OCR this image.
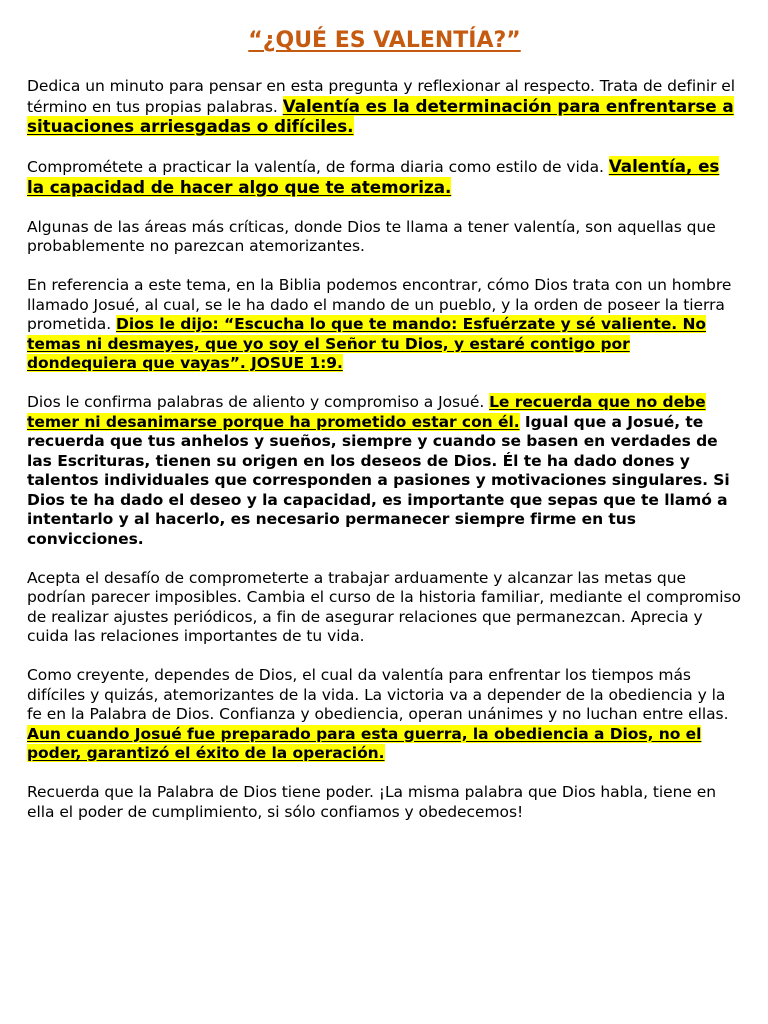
“¿QUÉ ES VALENTÍA?”

Dedica un minuto para pensar en esta pregunta y reflexionar al respecto. Trata de definir el término en tus propias palabras. Valentía es la determinación para enfrentarse a situaciones arriesgadas o difíciles.

Comprométete a practicar la valentía, de forma diaria como estilo de vida. Valentía, es la capacidad de hacer algo que te atemoriza.

Algunas de las áreas más críticas, donde Dios te llama a tener valentía, son aquellas que probablemente no parezcan atemorizantes.

En referencia a este tema, en la Biblia podemos encontrar, cómo Dios trata con un hombre llamado Josué, al cual, se le ha dado el mando de un pueblo, y la orden de poseer la tierra prometida. Dios le dijo: “Escucha lo que te mando: Esfuérzate y sé valiente. No temas ni desmayes, que yo soy el Señor tu Dios, y estaré contigo por dondequiera que vayas”. JOSUE 1:9.

Dios le confirma palabras de aliento y compromiso a Josué. Le recuerda que no debe temer ni desanimarse porque ha prometido estar con él. Igual que a Josué, te recuerda que tus anhelos y sueños, siempre y cuando se basen en verdades de las Escrituras, tienen su origen en los deseos de Dios. Él te ha dado dones y talentos individuales que corresponden a pasiones y motivaciones singulares. Si Dios te ha dado el deseo y la capacidad, es importante que sepas que te llamó a intentarlo y al hacerlo, es necesario permanecer siempre firme en tus convicciones.

Acepta el desafío de comprometerte a trabajar arduamente y alcanzar las metas que podrían parecer imposibles. Cambia el curso de la historia familiar, mediante el compromiso de realizar ajustes periódicos, a fin de asegurar relaciones que permanezcan. Aprecia y cuida las relaciones importantes de tu vida.

Como creyente, dependes de Dios, el cual da valentía para enfrentar los tiempos más difíciles y quizás, atemorizantes de la vida. La victoria va a depender de la obediencia y la fe en la Palabra de Dios. Confianza y obediencia, operan unánimes y no luchan entre ellas. Aun cuando Josué fue preparado para esta guerra, la obediencia a Dios, no el poder, garantizó el éxito de la operación.

Recuerda que la Palabra de Dios tiene poder. ¡La misma palabra que Dios habla, tiene en ella el poder de cumplimiento, si sólo confiamos y obedecemos!
